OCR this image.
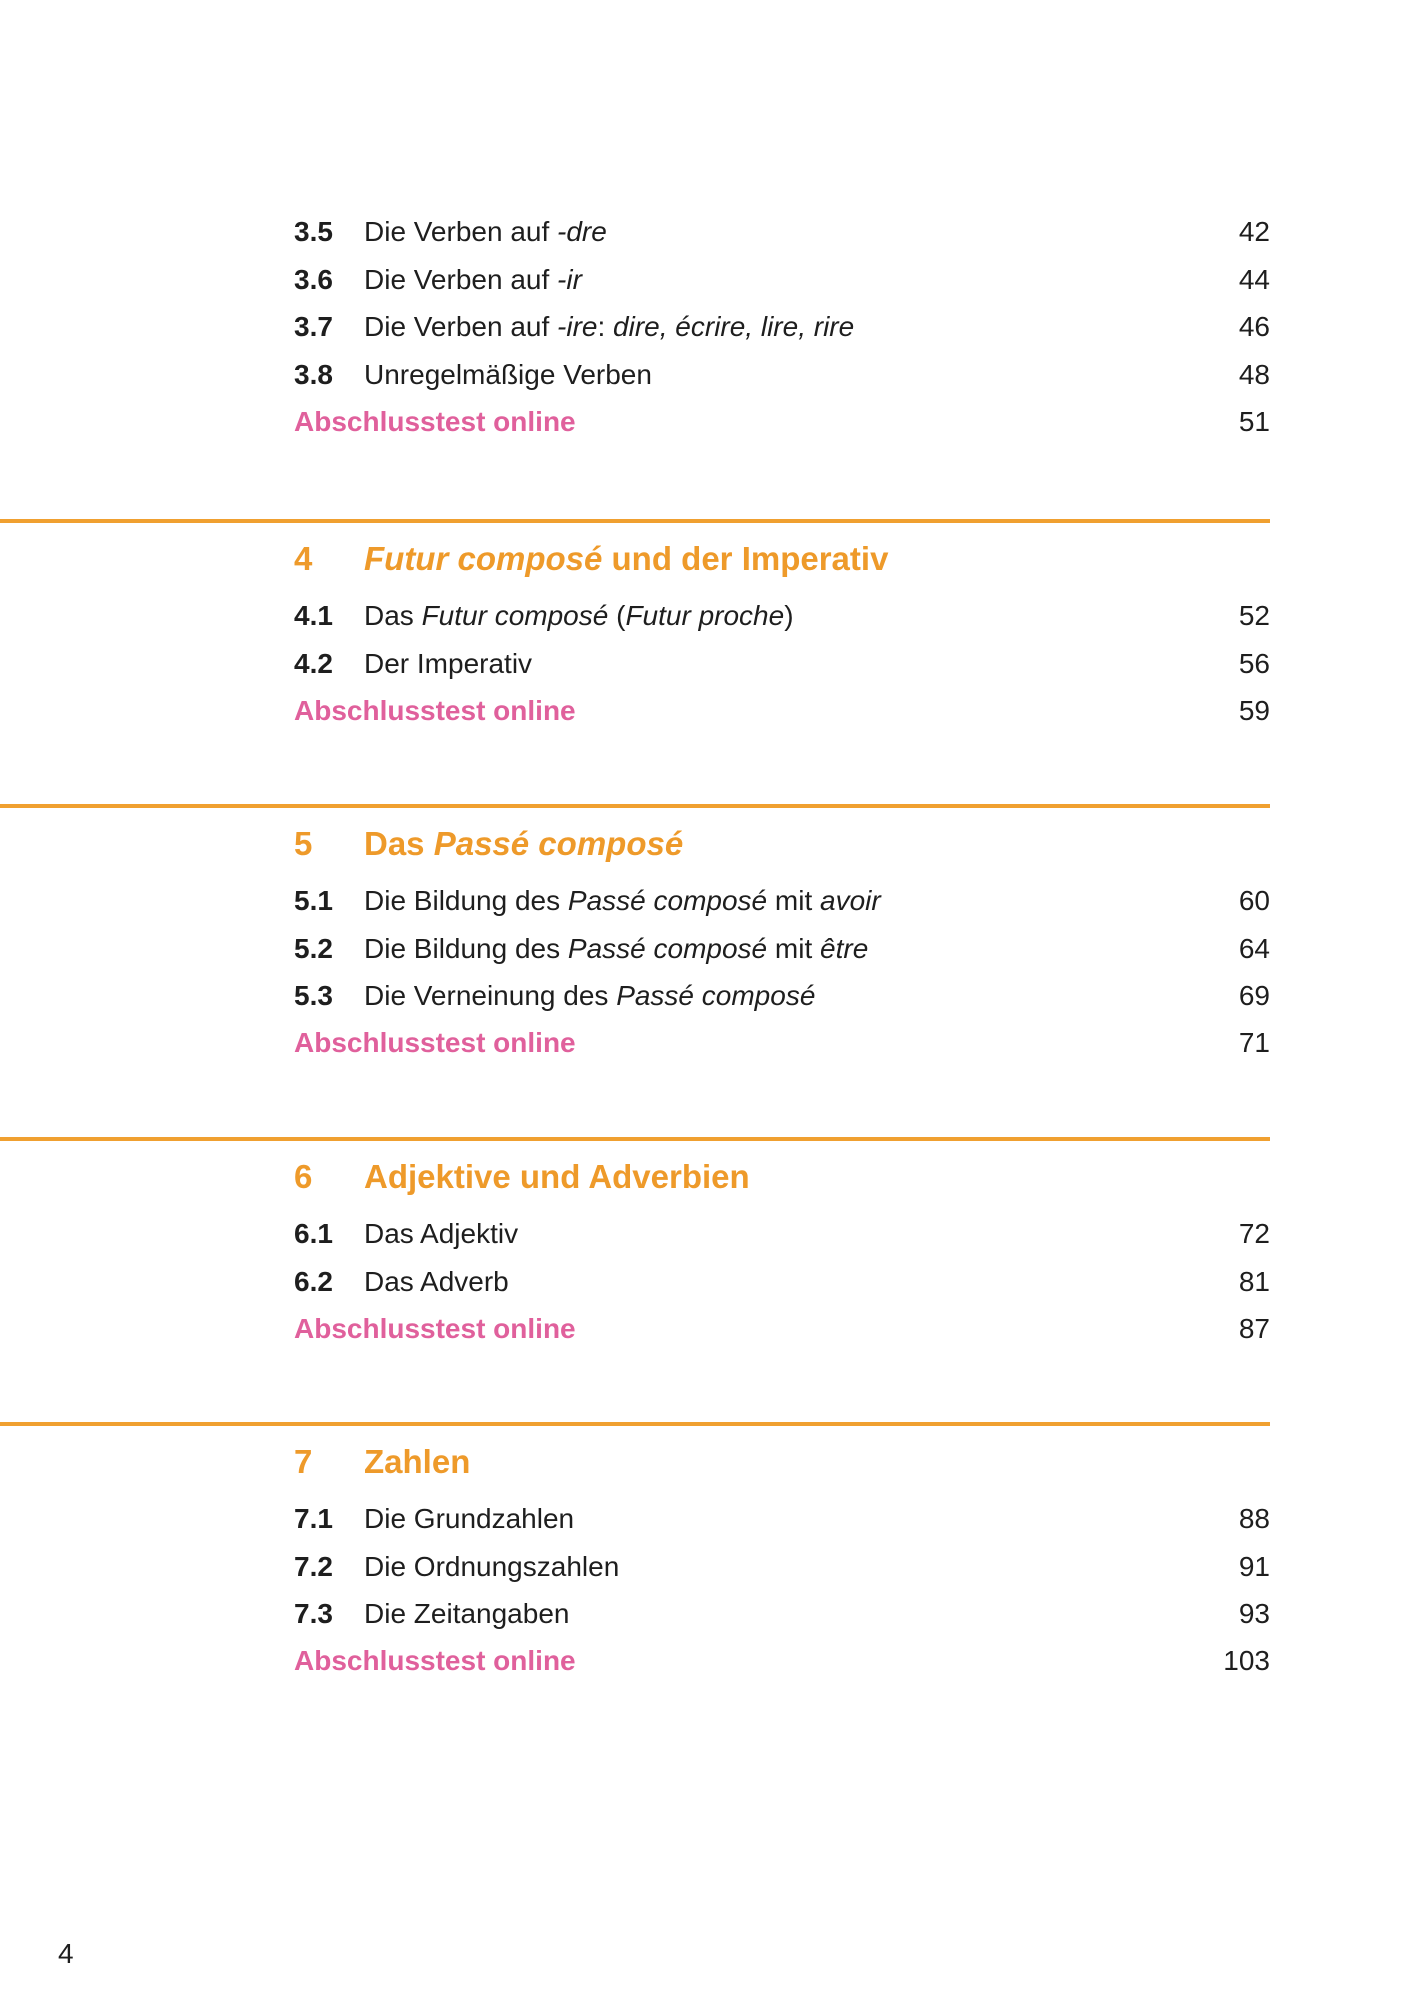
3.5 Die Verben auf -dre	42
3.6 Die Verben auf -ir	44
3.7 Die Verben auf -ire: dire, écrire, lire, rire	46
3.8 Unregelmäßige Verben	48
Abschlusstest online	51
4 Futur composé und der Imperativ
4.1 Das Futur composé (Futur proche)	52
4.2 Der Imperativ	56
Abschlusstest online	59
5 Das Passé composé
5.1 Die Bildung des Passé composé mit avoir	60
5.2 Die Bildung des Passé composé mit être	64
5.3 Die Verneinung des Passé composé	69
Abschlusstest online	71
6 Adjektive und Adverbien
6.1 Das Adjektiv	72
6.2 Das Adverb	81
Abschlusstest online	87
7 Zahlen
7.1 Die Grundzahlen	88
7.2 Die Ordnungszahlen	91
7.3 Die Zeitangaben	93
Abschlusstest online	103
4
